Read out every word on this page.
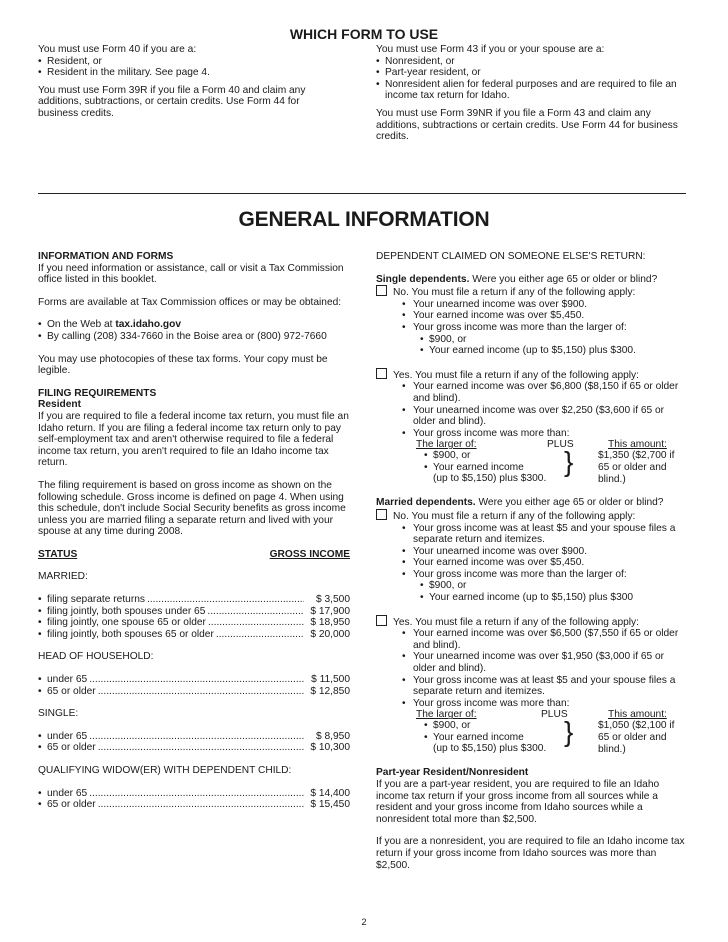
WHICH FORM TO USE

You must use Form 40 if you are a:

• Resident, or
• Resident in the military. See page 4.

You must use Form 39R if you file a Form 40 and claim any additions, subtractions, or certain credits. Use Form 44 for business credits.

You must use Form 43 if you or your spouse are a:

• Nonresident, or
• Part-year resident, or
• Nonresident alien for federal purposes and are required to file an income tax return for Idaho.

You must use Form 39NR if you file a Form 43 and claim any additions, subtractions or certain credits. Use Form 44 for business credits.

GENERAL INFORMATION

INFORMATION AND FORMS

If you need information or assistance, call or visit a Tax Commission office listed in this booklet.

Forms are available at Tax Commission offices or may be obtained:

• On the Web at tax.idaho.gov
• By calling (208) 334-7660 in the Boise area or (800) 972-7660

You may use photocopies of these tax forms. Your copy must be legible.

FILING REQUIREMENTS

Resident

If you are required to file a federal income tax return, you must file an Idaho return. If you are filing a federal income tax return only to pay self-employment tax and aren't otherwise required to file a federal income tax return, you aren't required to file an Idaho income tax return.

The filing requirement is based on gross income as shown on the following schedule. Gross income is defined on page 4. When using this schedule, don't include Social Security benefits as gross income unless you are married filing a separate return and lived with your spouse at any time during 2008.

STATUS	GROSS INCOME

MARRIED:

• filing separate returns .....	$ 3,500
• filing jointly, both spouses under 65 .....	$ 17,900
• filing jointly, one spouse 65 or older .....	$ 18,950
• filing jointly, both spouses 65 or older .....	$ 20,000

HEAD OF HOUSEHOLD:

• under 65 .....	$ 11,500
• 65 or older .....	$ 12,850

SINGLE:

• under 65 .....	$ 8,950
• 65 or older .....	$ 10,300

QUALIFYING WIDOW(ER) WITH DEPENDENT CHILD:

• under 65 .....	$ 14,400
• 65 or older .....	$ 15,450

DEPENDENT CLAIMED ON SOMEONE ELSE'S RETURN:

Single dependents. Were you either age 65 or older or blind?

No. You must file a return if any of the following apply:

• Your unearned income was over $900.
• Your earned income was over $5,450.
• Your gross income was more than the larger of:
• $900, or
• Your earned income (up to $5,150) plus $300.

Yes. You must file a return if any of the following apply:

• Your earned income was over $6,800 ($8,150 if 65 or older and blind).
• Your unearned income was over $2,250 ($3,600 if 65 or older and blind).
• Your gross income was more than:
The larger of:	PLUS	This amount:
• $900, or
• Your earned income
(up to $5,150) plus $300.
} $1,350 ($2,700 if 65 or older and blind.)

Married dependents. Were you either age 65 or older or blind?

No. You must file a return if any of the following apply:

• Your gross income was at least $5 and your spouse files a separate return and itemizes.
• Your unearned income was over $900.
• Your earned income was over $5,450.
• Your gross income was more than the larger of:
• $900, or
• Your earned income (up to $5,150) plus $300

Yes. You must file a return if any of the following apply:

• Your earned income was over $6,500 ($7,550 if 65 or older and blind).
• Your unearned income was over $1,950 ($3,000 if 65 or older and blind).
• Your gross income was at least $5 and your spouse files a separate return and itemizes.
• Your gross income was more than:
The larger of:	PLUS	This amount:
• $900, or
• Your earned income
(up to $5,150) plus $300.
} $1,050 ($2,100 if 65 or older and blind.)

Part-year Resident/Nonresident

If you are a part-year resident, you are required to file an Idaho income tax return if your gross income from all sources while a resident and your gross income from Idaho sources while a nonresident total more than $2,500.

If you are a nonresident, you are required to file an Idaho income tax return if your gross income from Idaho sources was more than $2,500.

2
